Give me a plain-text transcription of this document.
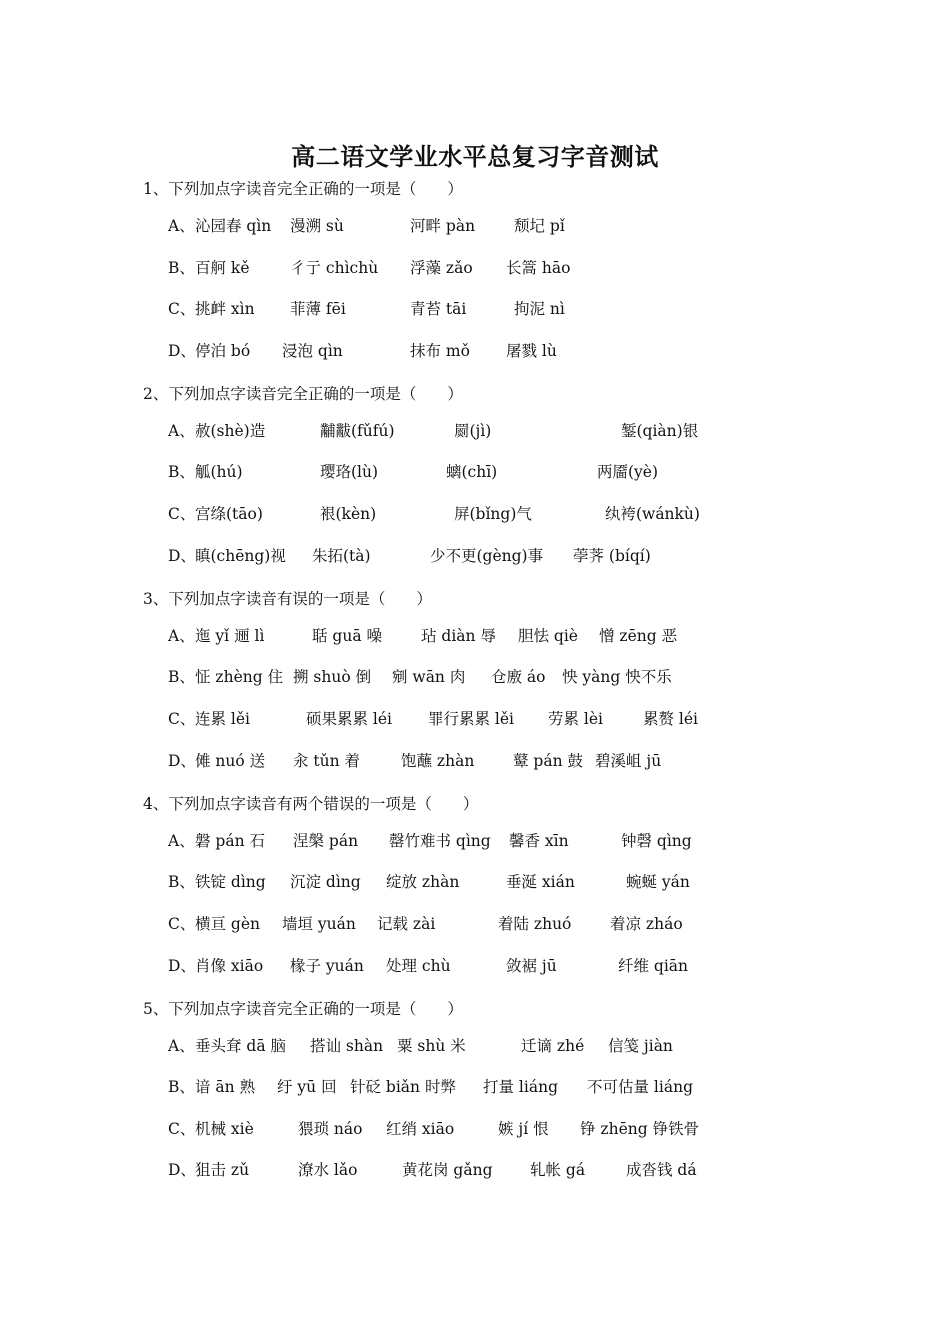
高二语文学业水平总复习字音测试
1、下列加点字读音完全正确的一项是（　　）
A、 沁园春 qìn 漫溯 sù	河畔 pàn	颓圮 pǐ
B、 百舸 kě	彳亍 chìchù 浮藻 zǎo 长篙 hāo
C、 挑衅 xìn 菲薄 fēi	青苔 tāi	拘泥 nì
D、 停泊 bó 浸泡 qìn	抹布 mǒ 屠戮 lù
2、下列加点字读音完全正确的一项是（　　）
A、 赦(shè)造	黼黻(fǔfú)	罽(jì)	錾(qiàn)银
B、 觚(hú)	璎珞(lù)	螭(chī)	两靥(yè)
C、 宫绦(tāo)	裉(kèn)	屏(bǐng)气	纨袴(wánkù)
D、 瞋(chēng)视 朱拓(tà)	少不更(gèng)事 荸荠 (bíqí)
3、下列加点字读音有误的一项是（　　）
A、 迤 yǐ 逦 lì	聒 guā 噪	玷 diàn 辱 胆怯 qiè 憎 zēng 恶
B、 怔 zhèng 住 搠 shuò 倒 剜 wān 肉 仓廒 áo 怏 yàng 怏不乐
C、 连累 lěi	硕果累累 léi 罪行累累 lěi 劳累 lèi	累赘 léi
D、 傩 nuó 送 汆 tǔn 着	饱蘸 zhàn 鼙 pán 鼓 碧溪岨 jū
4、下列加点字读音有两个错误的一项是（　　）
A、 磐 pán 石 涅槃 pán 罄竹难书 qìng 馨香 xīn	钟磬 qìng
B、 铁锭 dìng 沉淀 dìng 绽放 zhàn	垂涎 xián	蜿蜒 yán
C、 横亘 gèn 墙垣 yuán 记载 zài	着陆 zhuó 着凉 zháo
D、 肖像 xiāo 椽子 yuán 处理 chù	敛裾 jū	纤维 qiān
5、下列加点字读音完全正确的一项是（　　）
A、 垂头耷 dā 脑 搭讪 shàn 粟 shù 米	迁谪 zhé 信笺 jiàn
B、 谙 ān 熟 纡 yū 回 针砭 biǎn 时弊 打量 liáng 不可估量 liáng
C、 机械 xiè	猥琐 náo 红绡 xiāo	嫉 jí 恨 铮 zhēng 铮铁骨
D、 狙击 zǔ	潦水 lǎo	黄花岗 gǎng 轧帐 gá	成沓钱 dá
